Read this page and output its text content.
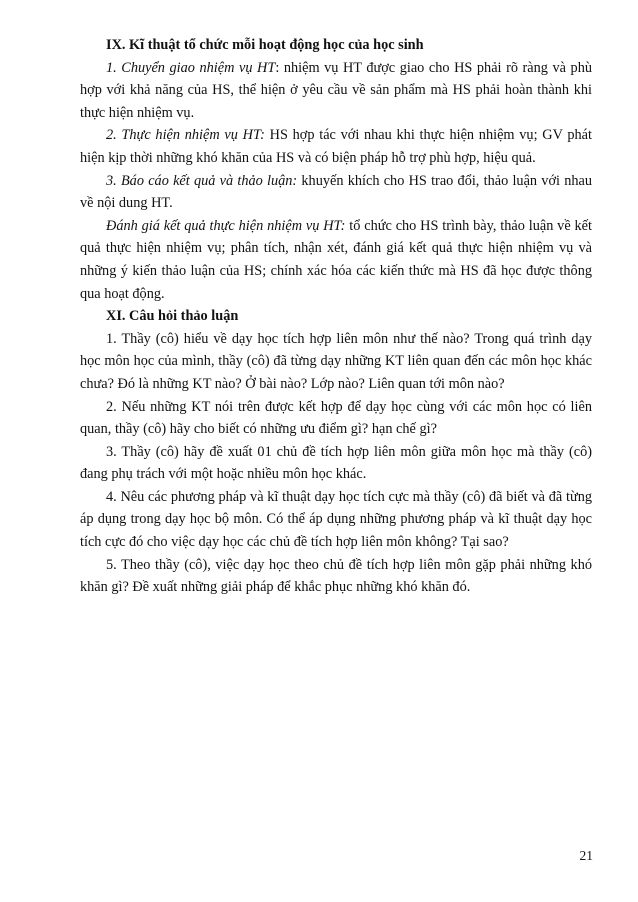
IX. Kĩ thuật tổ chức mỗi hoạt động học của học sinh

1. Chuyển giao nhiệm vụ HT: nhiệm vụ HT được giao cho HS phải rõ ràng và phù hợp với khả năng của HS, thể hiện ở yêu cầu về sản phẩm mà HS phải hoàn thành khi thực hiện nhiệm vụ.

2. Thực hiện nhiệm vụ HT: HS hợp tác với nhau khi thực hiện nhiệm vụ; GV phát hiện kịp thời những khó khăn của HS và có biện pháp hỗ trợ phù hợp, hiệu quả.

3. Báo cáo kết quả và thảo luận: khuyến khích cho HS trao đổi, thảo luận với nhau về nội dung HT.

Đánh giá kết quả thực hiện nhiệm vụ HT: tổ chức cho HS trình bày, thảo luận về kết quả thực hiện nhiệm vụ; phân tích, nhận xét, đánh giá kết quả thực hiện nhiệm vụ và những ý kiến thảo luận của HS; chính xác hóa các kiến thức mà HS đã học được thông qua hoạt động.

XI. Câu hỏi thảo luận

1. Thầy (cô) hiểu về dạy học tích hợp liên môn như thế nào? Trong quá trình dạy học môn học của mình, thầy (cô) đã từng dạy những KT liên quan đến các môn học khác chưa? Đó là những KT nào? Ở bài nào? Lớp nào? Liên quan tới môn nào?

2. Nếu những KT nói trên được kết hợp để dạy học cùng với các môn học có liên quan, thầy (cô) hãy cho biết có những ưu điểm gì? hạn chế gì?

3. Thầy (cô) hãy đề xuất 01 chủ đề tích hợp liên môn giữa môn học mà thầy (cô) đang phụ trách với một hoặc nhiều môn học khác.

4. Nêu các phương pháp và kĩ thuật dạy học tích cực mà thầy (cô) đã biết và đã từng áp dụng trong dạy học bộ môn. Có thể áp dụng những phương pháp và kĩ thuật dạy học tích cực đó cho việc dạy học các chủ đề tích hợp liên môn không? Tại sao?

5. Theo thầy (cô), việc dạy học theo chủ đề tích hợp liên môn gặp phải những khó khăn gì? Đề xuất những giải pháp để khắc phục những khó khăn đó.

21
